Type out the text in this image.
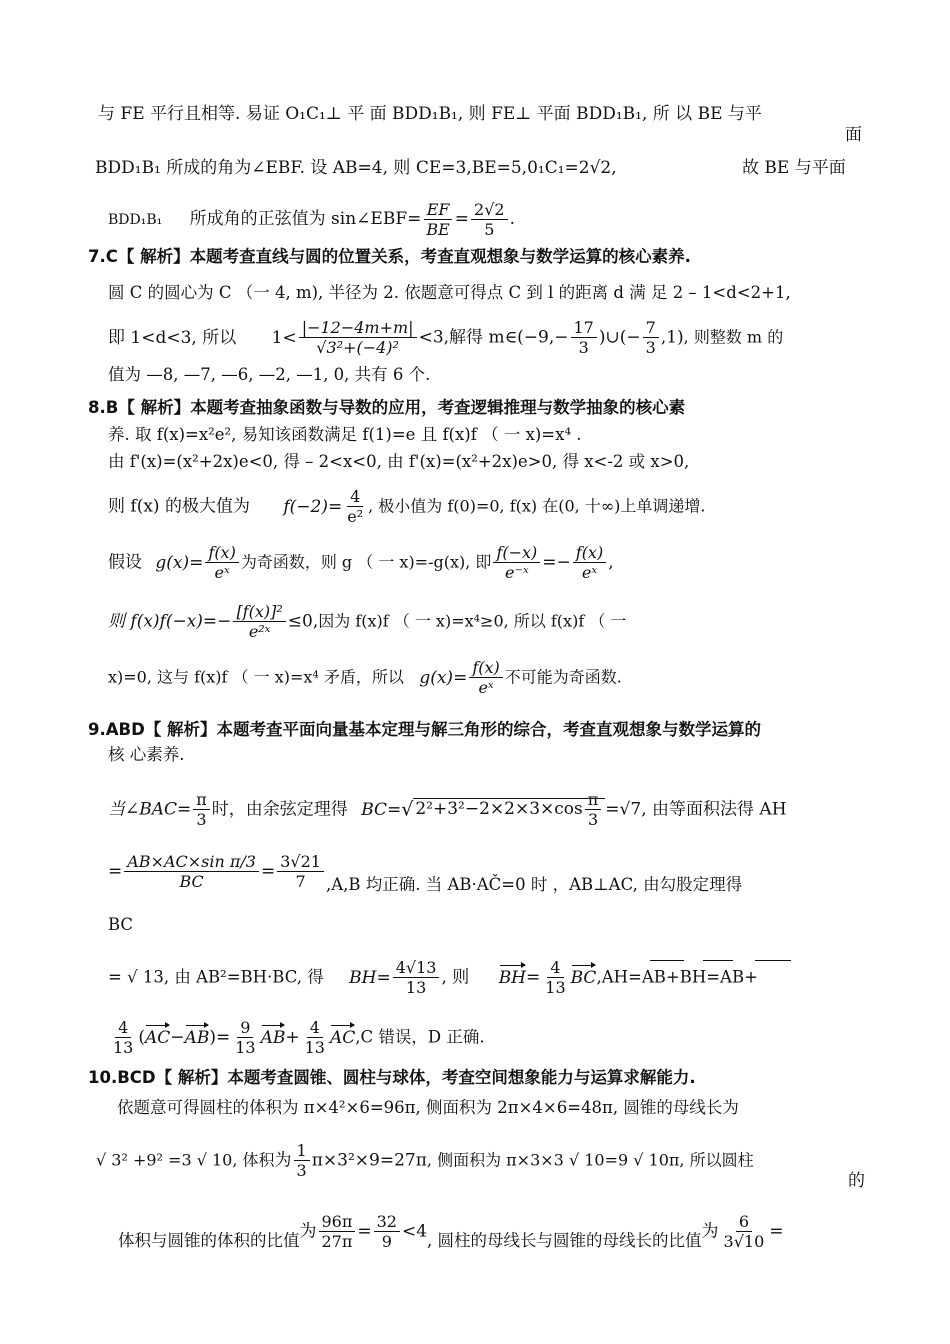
与 FE 平行且相等. 易证 O₁C₁⊥ 平 面 BDD₁B₁, 则 FE⊥ 平面 BDD₁B₁, 所 以 BE 与平
面
BDD₁B₁ 所成的角为∠EBF. 设 AB=4, 则 CE=3,BE=5,0₁C₁=2√2,	故 BE 与平面
BDD₁B₁ 所成角的正弦值为 sin∠EBF= $\frac{EF}{BE} = \frac{2√2}{5}$ .
7.C【 解析】本题考查直线与圆的位置关系，考查直观想象与数学运算的核心素养.
圆 C 的圆心为 C （一 4, m), 半径为 2. 依题意可得点 C 到 l 的距离 d 满 足 2 – 1<d<2+1,
即 1<d<3, 所以 $1< \frac{|-12-4m+m|}{\text{√3²+(−4)²}} <3$,解得 m∈(−9,− $\frac{17}{3}$ )∪(− $\frac{7}{3} ,1$), 则整数 m 的
值为 —8, —7, —6, —2, —1, 0, 共有 6 个.
8.B【 解析】本题考查抽象函数与导数的应用，考查逻辑推理与数学抽象的核心素
养. 取 f(x)=x²e², 易知该函数满足 f(1)=e 且 f(x)f （ 一 x)=x⁴ .
由 f'(x)=(x²+2x)e<0, 得 – 2<x<0, 由 f'(x)=(x²+2x)e>0, 得 x<-2 或 x>0,
则 f(x) 的极大值为 $f(-2)= \frac{4}{\text{e²}}$ , 极小值为 f(0)=0, f(x) 在(0, 十∞)上单调递增.
假设 $g(x)= \frac{f(x)}{\text{eˣ}}$ 为奇函数，则 g （ 一 x)=-g(x), 即 $\frac{f(-x)}{\text{e⁻ˣ}} =- \frac{f(x)}{\text{eˣ}}$ ,
则 $f(x)f(-x)=- \frac{\text{[f(x)]²}}{\text{e²ˣ}} \le 0$,因为 f(x)f （ 一 x)=x⁴≥0, 所以 f(x)f （ 一
x)=0, 这与 f(x)f （ 一 x)=x⁴ 矛盾，所以 $g(x)= \frac{f(x)}{\text{eˣ}}$ 不可能为奇函数.
9.ABD【 解析】本题考查平面向量基本定理与解三角形的综合，考查直观想象与数学运算的
核 心素养.
当∠BAC= $\frac{\pi}{3}$ 时，由余弦定理得 BC=√ $2^2+3^2-2\times 2\times 3\times\cos \frac{\pi}{3} =√7$, 由等面积法得 AH
= $\frac{\text{AB×AC×sin π/3}}{BC} = \frac{3√21}{7} ,A,B$ 均正确. 当 AB·AČ=0 时 ，AB⊥AC, 由勾股定理得
BC
= √ 13, 由 AB²=BH·BC, 得 $BH= \frac{4√13}{13}$ , 则 $BH= \frac{4}{13} BC,AH=AB+BH=AB+$
$\frac{4}{13} (AC-AB)= \frac{9}{13} AB+ \frac{4}{13} AC,C$ 错误，D 正确.
10.BCD【 解析】本题考查圆锥、圆柱与球体，考查空间想象能力与运算求解能力.
依题意可得圆柱的体积为 π×4²×6=96π, 侧面积为 2π×4×6=48π, 圆锥的母线长为
√ 3² +9² =3 √ 10, 体积为 $\frac{1}{3} \pi\times 3^2\times 9=27\pi$, 侧面积为 π×3×3 √ 10=9 √ 10π, 所以圆柱
的
体积与圆锥的体积的比值为 $\frac{96\pi}{27\pi} = \frac{32}{9} <4$, 圆柱的母线长与圆锥的母线长的比值为 $\frac{6}{3√10}$ =
